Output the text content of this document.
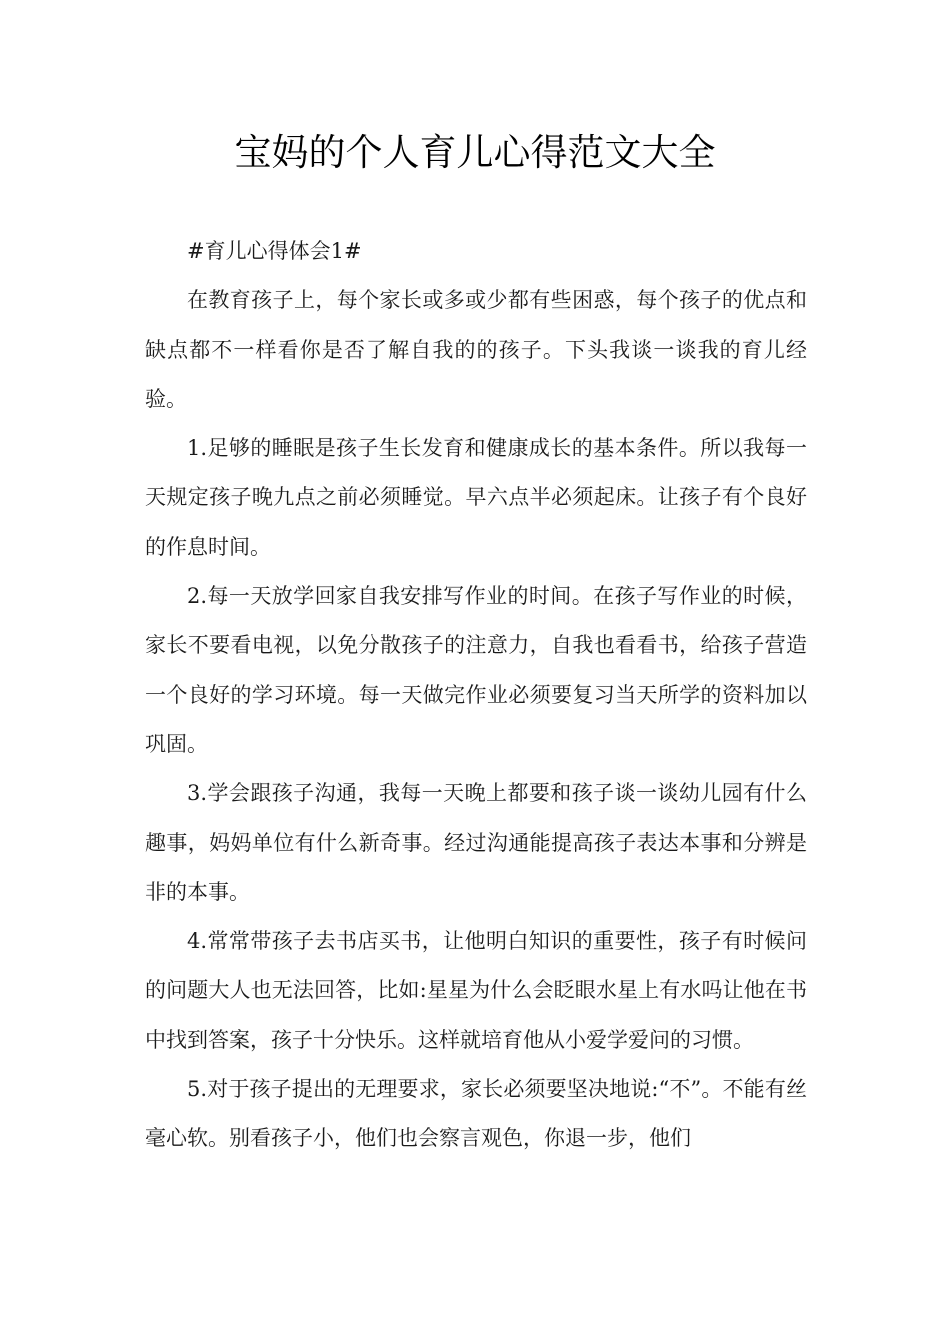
宝妈的个人育儿心得范文大全

#育儿心得体会1#

在教育孩子上，每个家长或多或少都有些困惑，每个孩子的优点和缺点都不一样看你是否了解自我的的孩子。下头我谈一谈我的育儿经验。

1.足够的睡眠是孩子生长发育和健康成长的基本条件。所以我每一天规定孩子晚九点之前必须睡觉。早六点半必须起床。让孩子有个良好的作息时间。

2.每一天放学回家自我安排写作业的时间。在孩子写作业的时候，家长不要看电视，以免分散孩子的注意力，自我也看看书，给孩子营造一个良好的学习环境。每一天做完作业必须要复习当天所学的资料加以巩固。

3.学会跟孩子沟通，我每一天晚上都要和孩子谈一谈幼儿园有什么趣事，妈妈单位有什么新奇事。经过沟通能提高孩子表达本事和分辨是非的本事。

4.常常带孩子去书店买书，让他明白知识的重要性，孩子有时候问的问题大人也无法回答，比如:星星为什么会眨眼水星上有水吗让他在书中找到答案，孩子十分快乐。这样就培育他从小爱学爱问的习惯。

5.对于孩子提出的无理要求，家长必须要坚决地说:“不”。不能有丝毫心软。别看孩子小，他们也会察言观色，你退一步，他们
